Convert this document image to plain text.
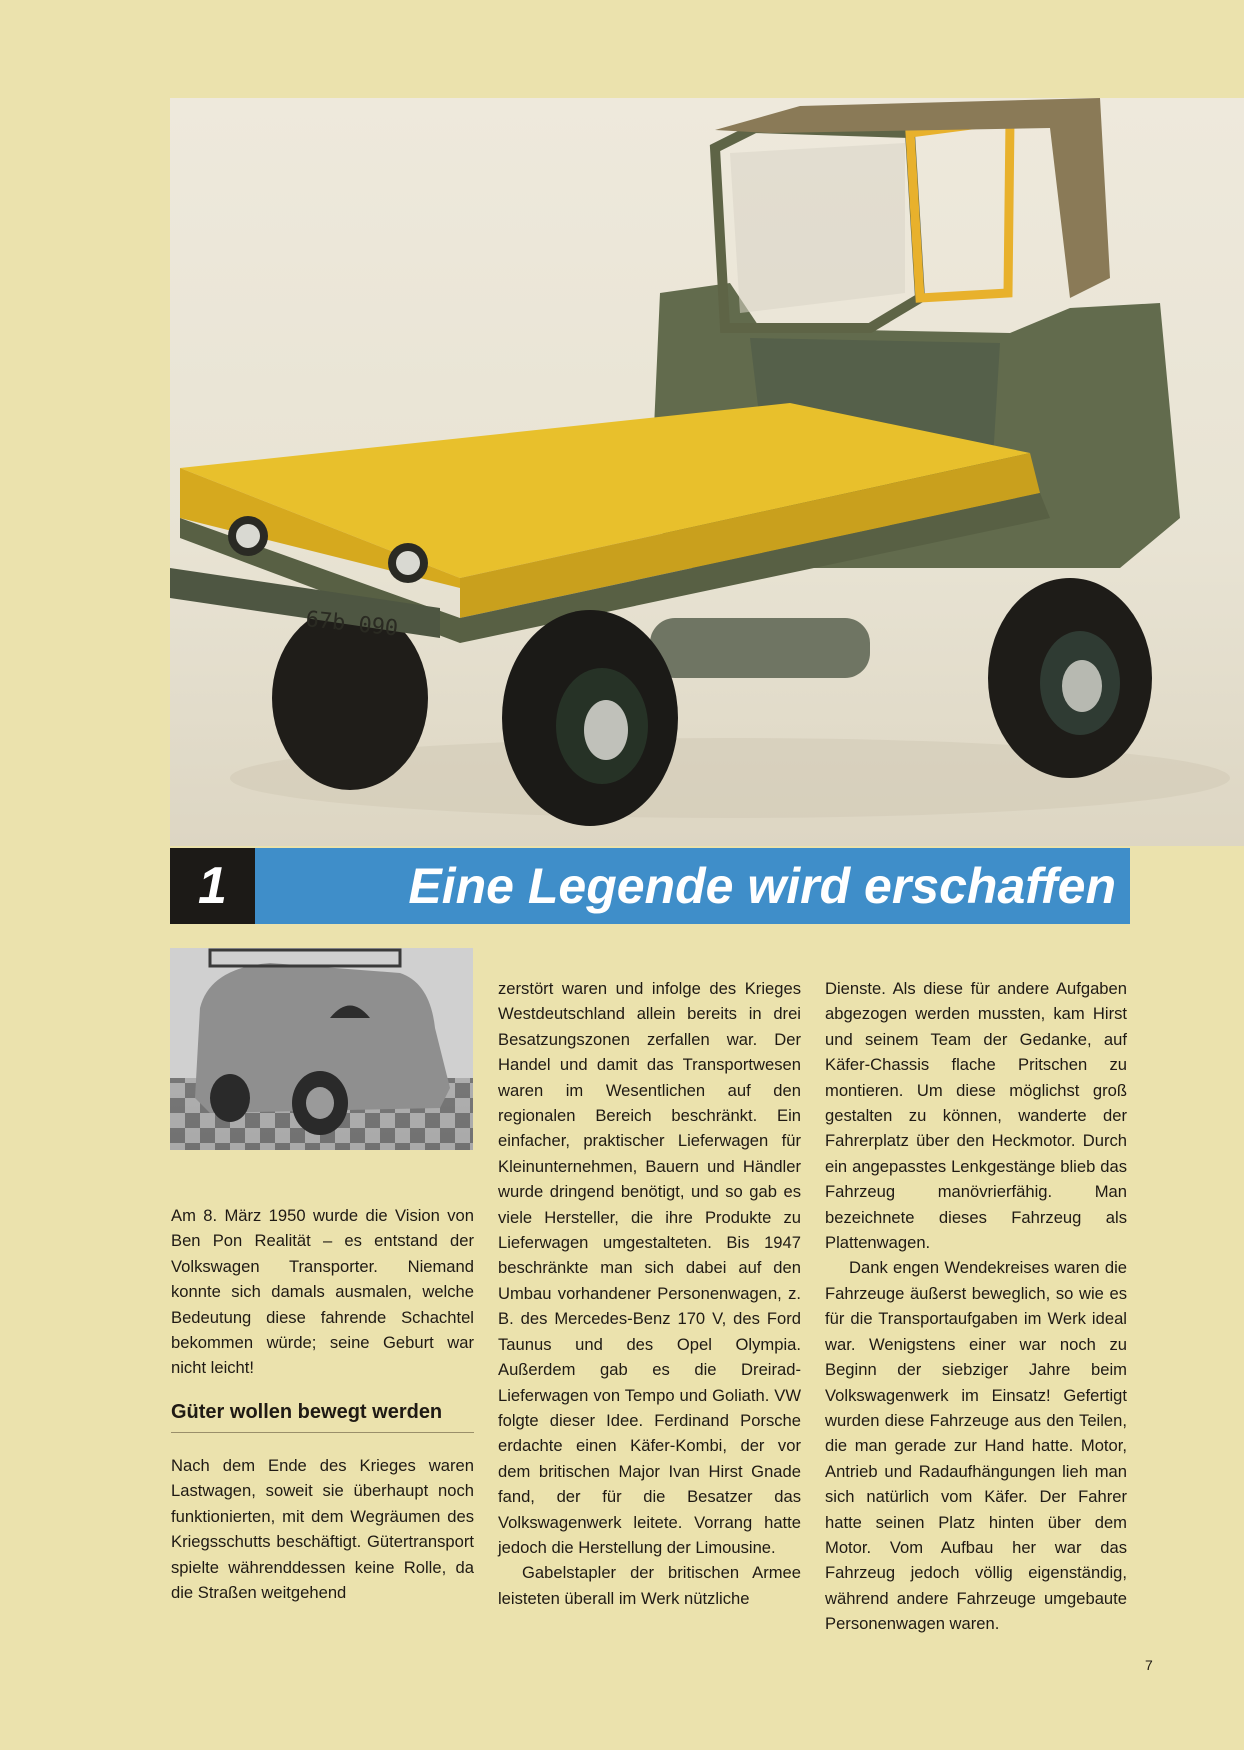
67b 090
1	Eine Legende wird erschaffen

Am 8. März 1950 wurde die Vision von Ben Pon Realität – es entstand der Volkswagen Transporter. Niemand konnte sich damals ausmalen, welche Bedeutung diese fahrende Schachtel bekommen würde; seine Geburt war nicht leicht!

Güter wollen bewegt werden

Nach dem Ende des Krieges waren Lastwagen, soweit sie überhaupt noch funktionierten, mit dem Wegräumen des Kriegsschutts beschäftigt. Gütertransport spielte währenddessen keine Rolle, da die Straßen weitgehend

zerstört waren und infolge des Krieges Westdeutschland allein bereits in drei Besatzungszonen zerfallen war. Der Handel und damit das Transportwesen waren im Wesentlichen auf den regionalen Bereich beschränkt. Ein einfacher, praktischer Lieferwagen für Kleinunternehmen, Bauern und Händler wurde dringend benötigt, und so gab es viele Hersteller, die ihre Produkte zu Lieferwagen umgestalteten. Bis 1947 beschränkte man sich dabei auf den Umbau vorhandener Personenwagen, z. B. des Mercedes-Benz 170 V, des Ford Taunus und des Opel Olympia. Außerdem gab es die Dreirad-Lieferwagen von Tempo und Goliath. VW folgte dieser Idee. Ferdinand Porsche erdachte einen Käfer-Kombi, der vor dem britischen Major Ivan Hirst Gnade fand, der für die Besatzer das Volkswagenwerk leitete. Vorrang hatte jedoch die Herstellung der Limousine.

Gabelstapler der britischen Armee leisteten überall im Werk nützliche

Dienste. Als diese für andere Aufgaben abgezogen werden mussten, kam Hirst und seinem Team der Gedanke, auf Käfer-Chassis flache Pritschen zu montieren. Um diese möglichst groß gestalten zu können, wanderte der Fahrerplatz über den Heckmotor. Durch ein angepasstes Lenkgestänge blieb das Fahrzeug manövrierfähig. Man bezeichnete dieses Fahrzeug als Plattenwagen.

Dank engen Wendekreises waren die Fahrzeuge äußerst beweglich, so wie es für die Transportaufgaben im Werk ideal war. Wenigstens einer war noch zu Beginn der siebziger Jahre beim Volkswagenwerk im Einsatz! Gefertigt wurden diese Fahrzeuge aus den Teilen, die man gerade zur Hand hatte. Motor, Antrieb und Radaufhängungen lieh man sich natürlich vom Käfer. Der Fahrer hatte seinen Platz hinten über dem Motor. Vom Aufbau her war das Fahrzeug jedoch völlig eigenständig, während andere Fahrzeuge umgebaute Personenwagen waren.

7
